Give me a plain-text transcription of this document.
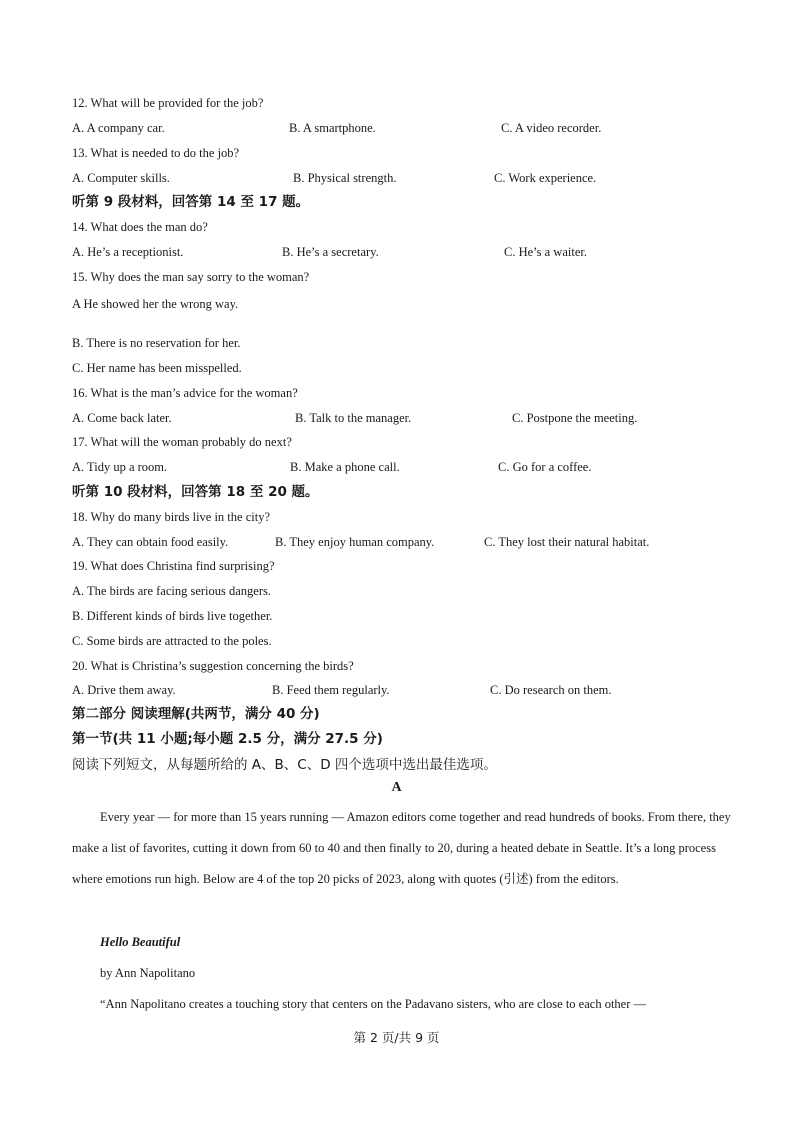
12. What will be provided for the job?
A. A company car.	B. A smartphone.	C. A video recorder.
13. What is needed to do the job?
A. Computer skills.	B. Physical strength.	C. Work experience.
听第 9 段材料，回答第 14 至 17 题。
14. What does the man do?
A. He’s a receptionist.	B. He’s a secretary.	C. He’s a waiter.
15. Why does the man say sorry to the woman?
A He showed her the wrong way.
B. There is no reservation for her.
C. Her name has been misspelled.
16. What is the man’s advice for the woman?
A. Come back later.	B. Talk to the manager.	C. Postpone the meeting.
17. What will the woman probably do next?
A. Tidy up a room.	B. Make a phone call.	C. Go for a coffee.
听第 10 段材料，回答第 18 至 20 题。
18. Why do many birds live in the city?
A. They can obtain food easily.	B. They enjoy human company.	C. They lost their natural habitat.
19. What does Christina find surprising?
A. The birds are facing serious dangers.
B. Different kinds of birds live together.
C. Some birds are attracted to the poles.
20. What is Christina’s suggestion concerning the birds?
A. Drive them away.	B. Feed them regularly.	C. Do research on them.
第二部分 阅读理解(共两节，满分 40 分)
第一节(共 11 小题;每小题 2.5 分，满分 27.5 分)
阅读下列短文，从每题所给的 A、B、C、D 四个选项中选出最佳选项。
A
Every year — for more than 15 years running — Amazon editors come together and read hundreds of books. From there, they make a list of favorites, cutting it down from 60 to 40 and then finally to 20, during a heated debate in Seattle. It’s a long process where emotions run high. Below are 4 of the top 20 picks of 2023, along with quotes (引述) from the editors.
Hello Beautiful
by Ann Napolitano
“Ann Napolitano creates a touching story that centers on the Padavano sisters, who are close to each other —
第 2 页/共 9 页
